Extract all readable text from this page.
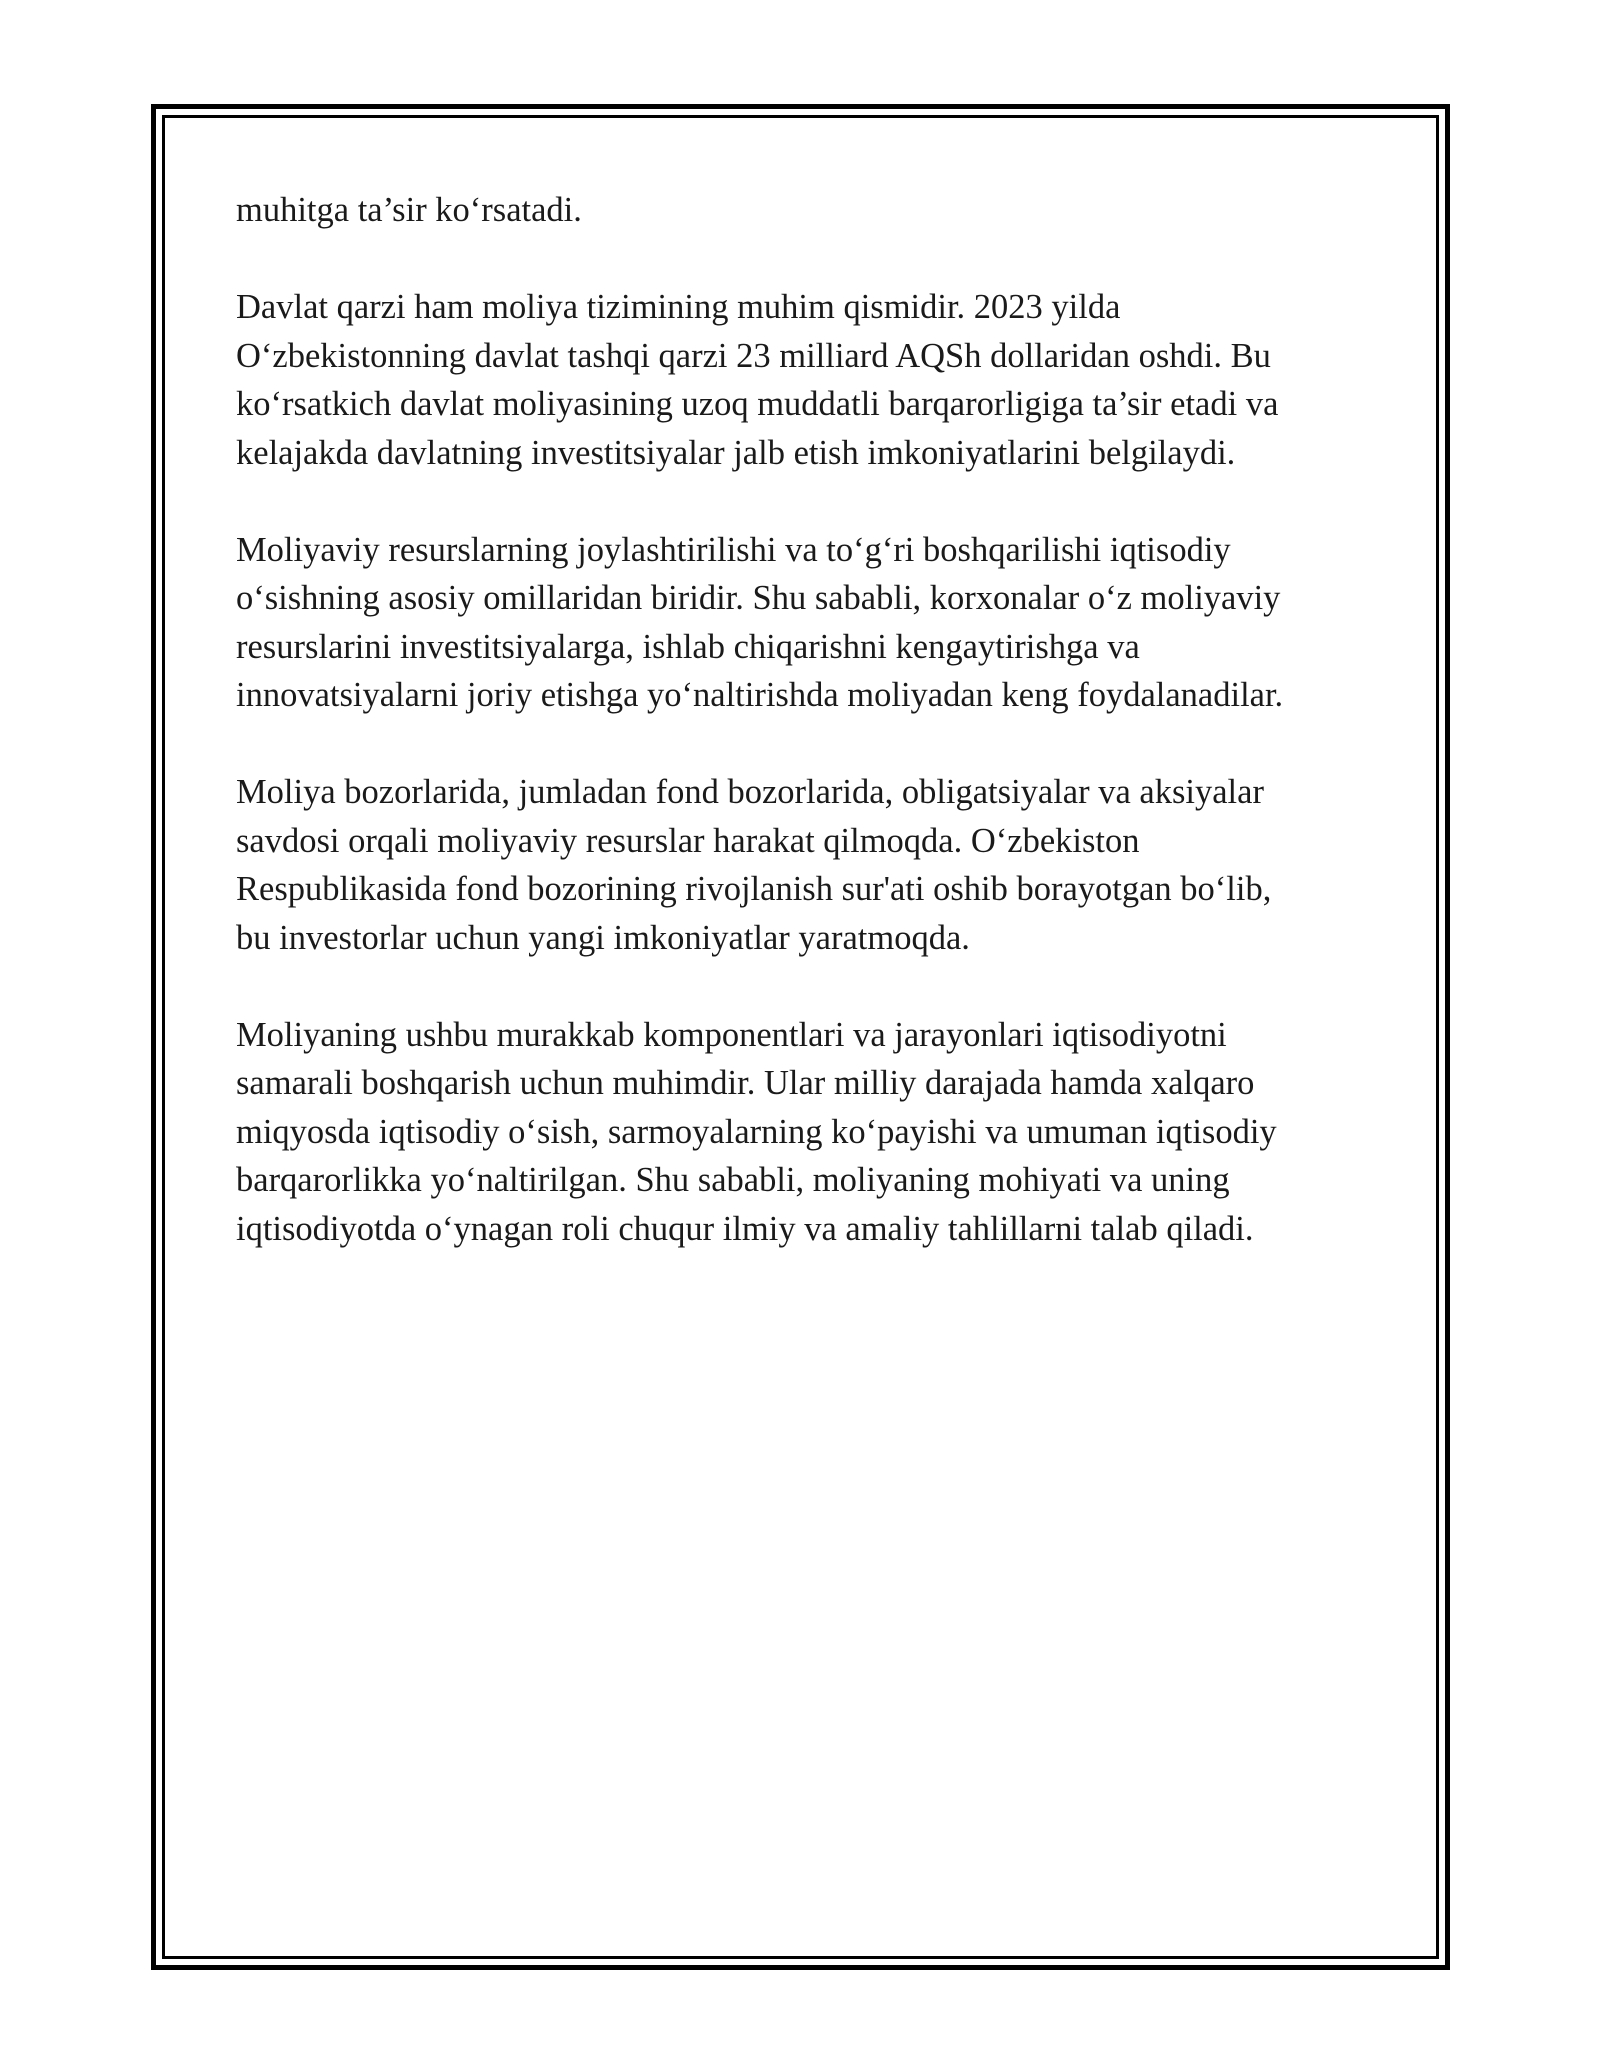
muhitga ta’sir ko‘rsatadi.
Davlat qarzi ham moliya tizimining muhim qismidir. 2023 yilda
O‘zbekistonning davlat tashqi qarzi 23 milliard AQSh dollaridan oshdi. Bu
ko‘rsatkich davlat moliyasining uzoq muddatli barqarorligiga ta’sir etadi va
kelajakda davlatning investitsiyalar jalb etish imkoniyatlarini belgilaydi.
Moliyaviy resurslarning joylashtirilishi va to‘g‘ri boshqarilishi iqtisodiy
o‘sishning asosiy omillaridan biridir. Shu sababli, korxonalar o‘z moliyaviy
resurslarini investitsiyalarga, ishlab chiqarishni kengaytirishga va
innovatsiyalarni joriy etishga yo‘naltirishda moliyadan keng foydalanadilar.
Moliya bozorlarida, jumladan fond bozorlarida, obligatsiyalar va aksiyalar
savdosi orqali moliyaviy resurslar harakat qilmoqda. O‘zbekiston
Respublikasida fond bozorining rivojlanish sur'ati oshib borayotgan bo‘lib,
bu investorlar uchun yangi imkoniyatlar yaratmoqda.
Moliyaning ushbu murakkab komponentlari va jarayonlari iqtisodiyotni
samarali boshqarish uchun muhimdir. Ular milliy darajada hamda xalqaro
miqyosda iqtisodiy o‘sish, sarmoyalarning ko‘payishi va umuman iqtisodiy
barqarorlikka yo‘naltirilgan. Shu sababli, moliyaning mohiyati va uning
iqtisodiyotda o‘ynagan roli chuqur ilmiy va amaliy tahlillarni talab qiladi.
